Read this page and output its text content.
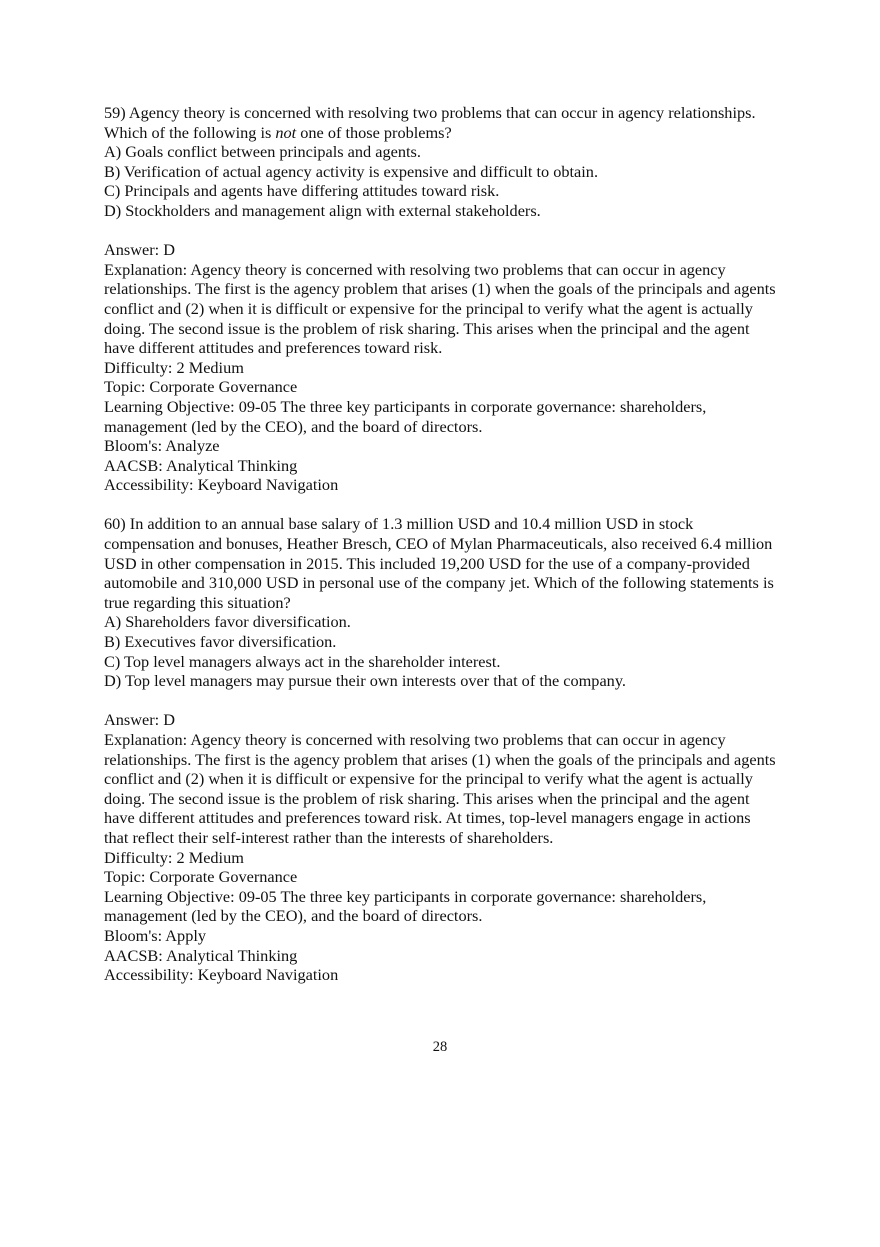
59) Agency theory is concerned with resolving two problems that can occur in agency relationships. Which of the following is not one of those problems?
A) Goals conflict between principals and agents.
B) Verification of actual agency activity is expensive and difficult to obtain.
C) Principals and agents have differing attitudes toward risk.
D) Stockholders and management align with external stakeholders.
Answer: D
Explanation: Agency theory is concerned with resolving two problems that can occur in agency relationships. The first is the agency problem that arises (1) when the goals of the principals and agents conflict and (2) when it is difficult or expensive for the principal to verify what the agent is actually doing. The second issue is the problem of risk sharing. This arises when the principal and the agent have different attitudes and preferences toward risk.
Difficulty: 2 Medium
Topic: Corporate Governance
Learning Objective: 09-05 The three key participants in corporate governance: shareholders, management (led by the CEO), and the board of directors.
Bloom's: Analyze
AACSB: Analytical Thinking
Accessibility: Keyboard Navigation
60) In addition to an annual base salary of 1.3 million USD and 10.4 million USD in stock compensation and bonuses, Heather Bresch, CEO of Mylan Pharmaceuticals, also received 6.4 million USD in other compensation in 2015. This included 19,200 USD for the use of a company-provided automobile and 310,000 USD in personal use of the company jet. Which of the following statements is true regarding this situation?
A) Shareholders favor diversification.
B) Executives favor diversification.
C) Top level managers always act in the shareholder interest.
D) Top level managers may pursue their own interests over that of the company.
Answer: D
Explanation: Agency theory is concerned with resolving two problems that can occur in agency relationships. The first is the agency problem that arises (1) when the goals of the principals and agents conflict and (2) when it is difficult or expensive for the principal to verify what the agent is actually doing. The second issue is the problem of risk sharing. This arises when the principal and the agent have different attitudes and preferences toward risk. At times, top-level managers engage in actions that reflect their self-interest rather than the interests of shareholders.
Difficulty: 2 Medium
Topic: Corporate Governance
Learning Objective: 09-05 The three key participants in corporate governance: shareholders, management (led by the CEO), and the board of directors.
Bloom's: Apply
AACSB: Analytical Thinking
Accessibility: Keyboard Navigation
28
